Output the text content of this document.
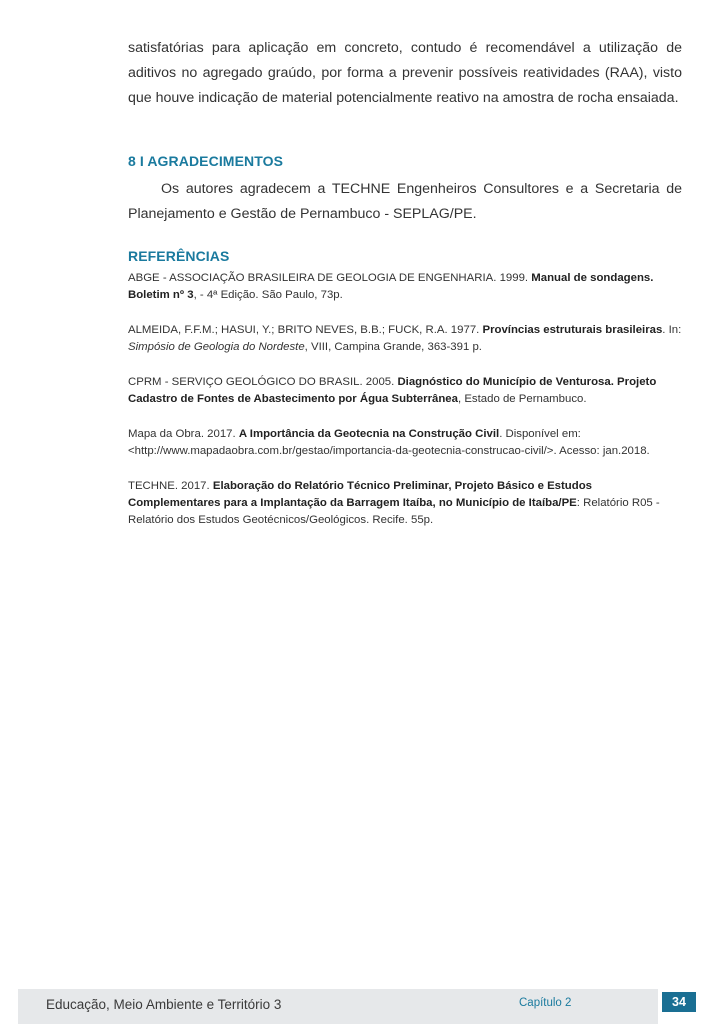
satisfatórias para aplicação em concreto, contudo é recomendável a utilização de aditivos no agregado graúdo, por forma a prevenir possíveis reatividades (RAA), visto que houve indicação de material potencialmente reativo na amostra de rocha ensaiada.

8 I AGRADECIMENTOS

Os autores agradecem a TECHNE Engenheiros Consultores e a Secretaria de Planejamento e Gestão de Pernambuco - SEPLAG/PE.

REFERÊNCIAS
ABGE - ASSOCIAÇÃO BRASILEIRA DE GEOLOGIA DE ENGENHARIA. 1999. Manual de sondagens. Boletim nº 3, - 4ª Edição. São Paulo, 73p.
ALMEIDA, F.F.M.; HASUI, Y.; BRITO NEVES, B.B.; FUCK, R.A. 1977. Províncias estruturais brasileiras. In: Simpósio de Geologia do Nordeste, VIII, Campina Grande, 363-391 p.
CPRM - SERVIÇO GEOLÓGICO DO BRASIL. 2005. Diagnóstico do Município de Venturosa. Projeto Cadastro de Fontes de Abastecimento por Água Subterrânea, Estado de Pernambuco.
Mapa da Obra. 2017. A Importância da Geotecnia na Construção Civil. Disponível em: <http://www.mapadaobra.com.br/gestao/importancia-da-geotecnia-construcao-civil/>. Acesso: jan.2018.
TECHNE. 2017. Elaboração do Relatório Técnico Preliminar, Projeto Básico e Estudos Complementares para a Implantação da Barragem Itaíba, no Município de Itaíba/PE: Relatório R05 - Relatório dos Estudos Geotécnicos/Geológicos. Recife. 55p.
Educação, Meio Ambiente e Território 3	Capítulo 2	34
